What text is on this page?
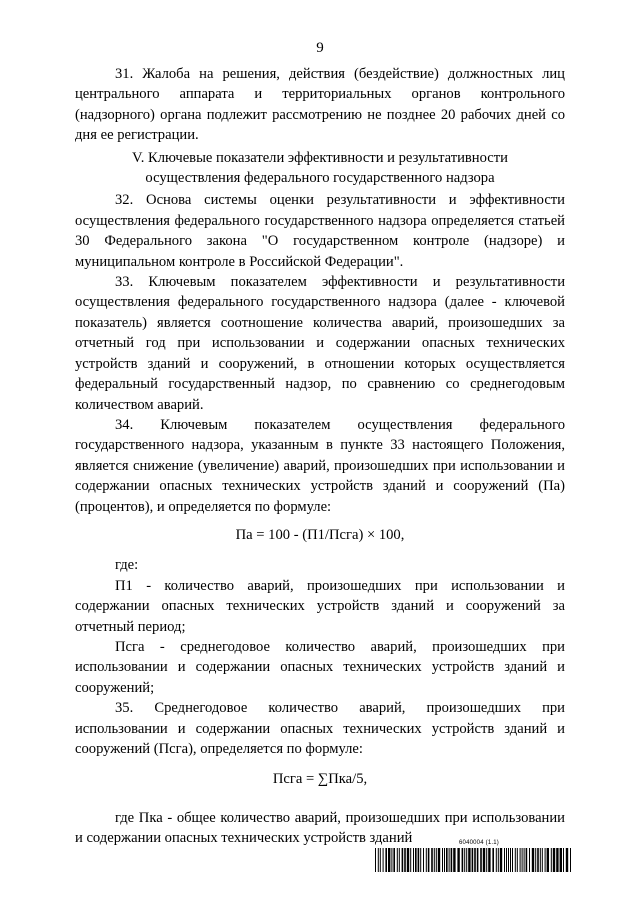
9

31. Жалоба на решения, действия (бездействие) должностных лиц центрального аппарата и территориальных органов контрольного (надзорного) органа подлежит рассмотрению не позднее 20 рабочих дней со дня ее регистрации.

V. Ключевые показатели эффективности и результативности
осуществления федерального государственного надзора

32. Основа системы оценки результативности и эффективности осуществления федерального государственного надзора определяется статьей 30 Федерального закона "О государственном контроле (надзоре) и муниципальном контроле в Российской Федерации".

33. Ключевым показателем эффективности и результативности осуществления федерального государственного надзора (далее - ключевой показатель) является соотношение количества аварий, произошедших за отчетный год при использовании и содержании опасных технических устройств зданий и сооружений, в отношении которых осуществляется федеральный государственный надзор, по сравнению со среднегодовым количеством аварий.

34. Ключевым показателем осуществления федерального государственного надзора, указанным в пункте 33 настоящего Положения, является снижение (увеличение) аварий, произошедших при использовании и содержании опасных технических устройств зданий и сооружений (Па) (процентов), и определяется по формуле:

Па = 100 - (П1/Псга) × 100,

где:

П1 - количество аварий, произошедших при использовании и содержании опасных технических устройств зданий и сооружений за отчетный период;

Псга - среднегодовое количество аварий, произошедших при использовании и содержании опасных технических устройств зданий и сооружений;

35. Среднегодовое количество аварий, произошедших при использовании и содержании опасных технических устройств зданий и сооружений (Псга), определяется по формуле:

Псга = ∑Пка/5,

где Пка - общее количество аварий, произошедших при использовании и содержании опасных технических устройств зданий	6040004 (1.1)
